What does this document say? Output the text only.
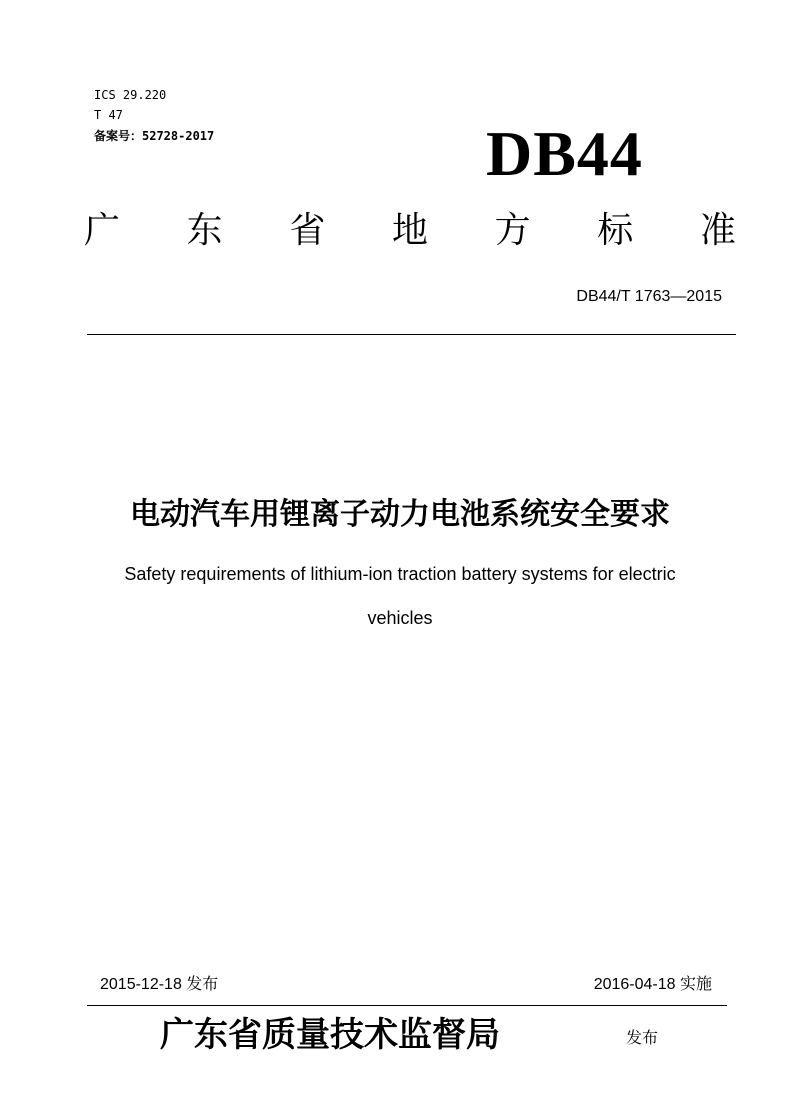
ICS 29.220
T 47
备案号：52728-2017	DB44
广 东 省 地 方 标 准
DB44/T 1763—2015
电动汽车用锂离子动力电池系统安全要求
Safety requirements of lithium-ion traction battery systems for electric
vehicles
2015-12-18 发布	2016-04-18 实施
广东省质量技术监督局	发布
